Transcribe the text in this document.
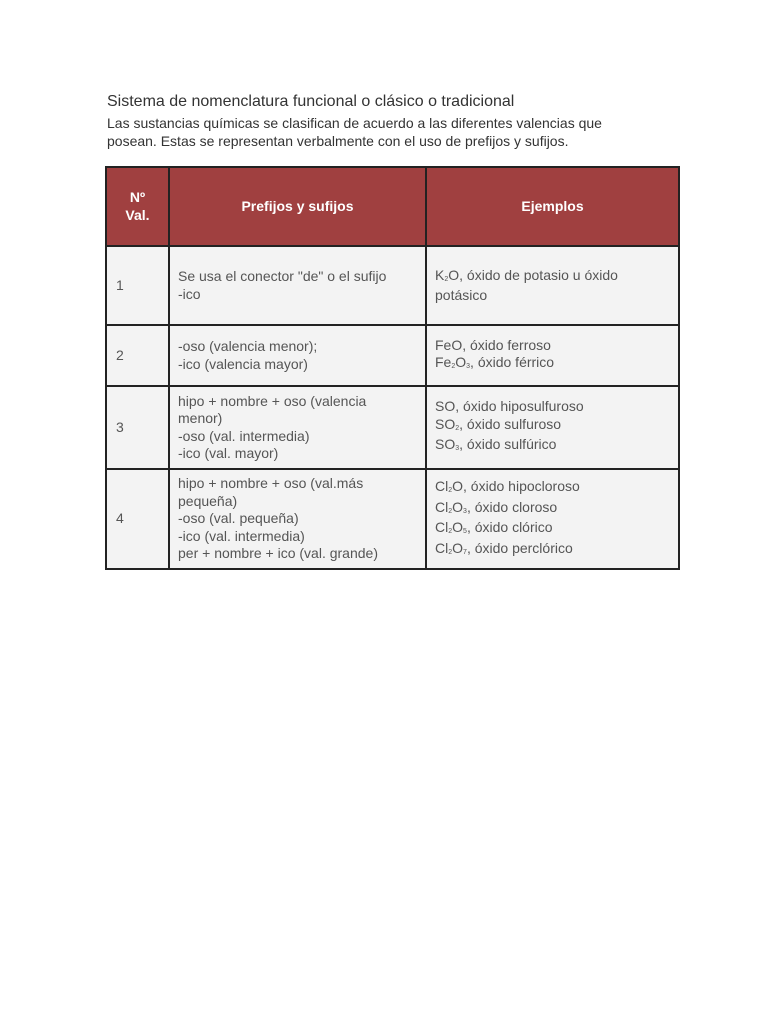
Sistema de nomenclatura funcional o clásico o tradicional

Las sustancias químicas se clasifican de acuerdo a las diferentes valencias que
posean. Estas se representan verbalmente con el uso de prefijos y sufijos.

Nº
Val.	Prefijos y sufijos	Ejemplos
1	Se usa el conector "de" o el sufijo
-ico	$K_2O$, óxido de potasio u óxido
potásico

2	-oso (valencia menor);
-ico (valencia mayor)	FeO, óxido ferroso
$Fe_2O_3$, óxido férrico

3	hipo + nombre + oso (valencia
menor)
-oso (val. intermedia)
-ico (val. mayor)	SO, óxido hiposulfuroso
$SO_2$, óxido sulfuroso
$SO_3$, óxido sulfúrico

4	hipo + nombre + oso (val.más
pequeña)
-oso (val. pequeña)
-ico (val. intermedia)
per + nombre + ico (val. grande)	$Cl_2O$, óxido hipocloroso
$Cl_2O_3$, óxido cloroso
$Cl_2O_5$, óxido clórico
$Cl_2O_7$, óxido perclórico
